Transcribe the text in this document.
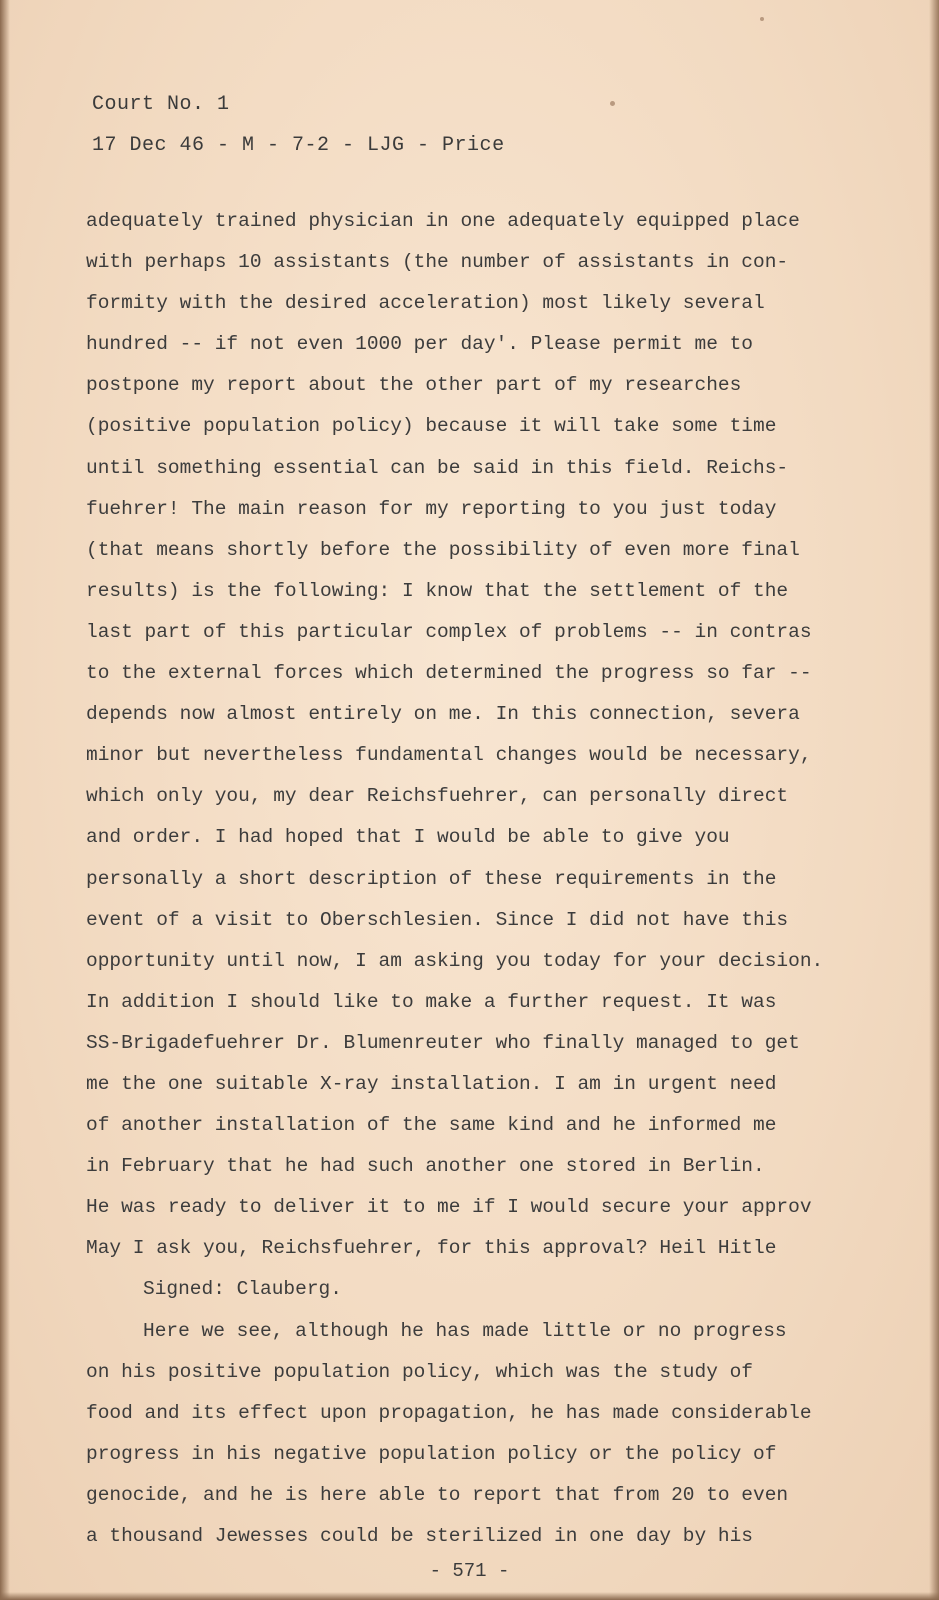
Court No. 1
17 Dec 46 - M - 7-2 - LJG - Price
adequately trained physician in one adequately equipped place
with perhaps 10 assistants (the number of assistants in con-
formity with the desired acceleration) most likely several
hundred -- if not even 1000 per day'. Please permit me to
postpone my report about the other part of my researches
(positive population policy) because it will take some time
until something essential can be said in this field. Reichs-
fuehrer! The main reason for my reporting to you just today
(that means shortly before the possibility of even more final
results) is the following: I know that the settlement of the
last part of this particular complex of problems -- in contras
to the external forces which determined the progress so far --
depends now almost entirely on me. In this connection, severa
minor but nevertheless fundamental changes would be necessary,
which only you, my dear Reichsfuehrer, can personally direct
and order. I had hoped that I would be able to give you
personally a short description of these requirements in the
event of a visit to Oberschlesien. Since I did not have this
opportunity until now, I am asking you today for your decision.
In addition I should like to make a further request. It was
SS-Brigadefuehrer Dr. Blumenreuter who finally managed to get
me the one suitable X-ray installation. I am in urgent need
of another installation of the same kind and he informed me
in February that he had such another one stored in Berlin.
He was ready to deliver it to me if I would secure your approv
May I ask you, Reichsfuehrer, for this approval? Heil Hitle
Signed: Clauberg.
Here we see, although he has made little or no progress
on his positive population policy, which was the study of
food and its effect upon propagation, he has made considerable
progress in his negative population policy or the policy of
genocide, and he is here able to report that from 20 to even
a thousand Jewesses could be sterilized in one day by his
- 571 -
